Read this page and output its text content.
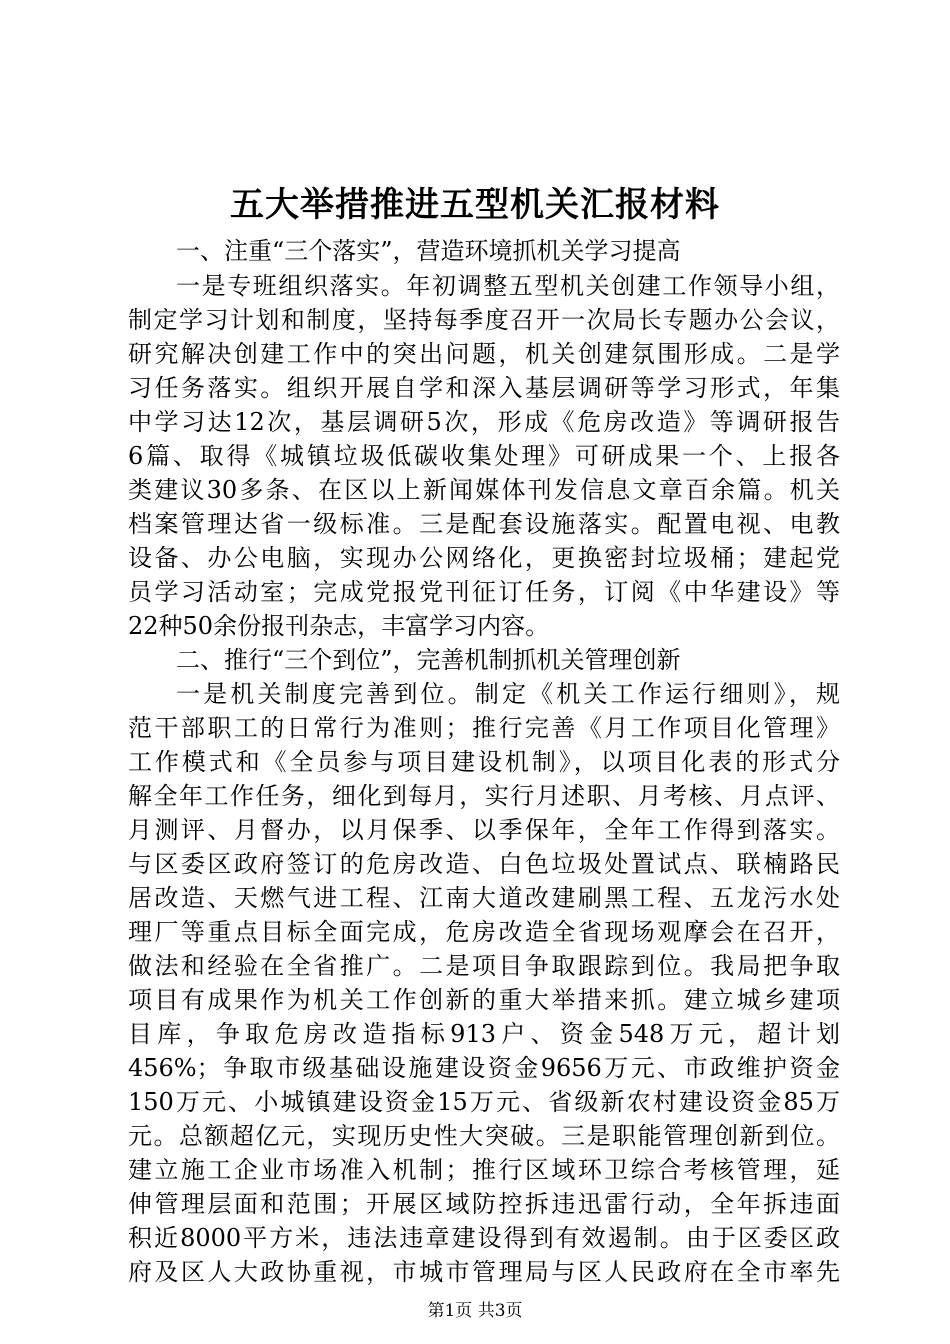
五大举措推进五型机关汇报材料
一、注重“三个落实”，营造环境抓机关学习提高
一是专班组织落实。年初调整五型机关创建工作领导小组，
制定学习计划和制度，坚持每季度召开一次局长专题办公会议，
研究解决创建工作中的突出问题，机关创建氛围形成。二是学
习任务落实。组织开展自学和深入基层调研等学习形式，年集
中学习达12次，基层调研5次，形成《危房改造》等调研报告
6篇、取得《城镇垃圾低碳收集处理》可研成果一个、上报各
类建议30多条、在区以上新闻媒体刊发信息文章百余篇。机关
档案管理达省一级标准。三是配套设施落实。配置电视、电教
设备、办公电脑，实现办公网络化，更换密封垃圾桶；建起党
员学习活动室；完成党报党刊征订任务，订阅《中华建设》等
22种50余份报刊杂志，丰富学习内容。
二、推行“三个到位”，完善机制抓机关管理创新
一是机关制度完善到位。制定《机关工作运行细则》，规
范干部职工的日常行为准则；推行完善《月工作项目化管理》
工作模式和《全员参与项目建设机制》，以项目化表的形式分
解全年工作任务，细化到每月，实行月述职、月考核、月点评、
月测评、月督办，以月保季、以季保年，全年工作得到落实。
与区委区政府签订的危房改造、白色垃圾处置试点、联楠路民
居改造、天燃气进工程、江南大道改建刷黑工程、五龙污水处
理厂等重点目标全面完成，危房改造全省现场观摩会在召开，
做法和经验在全省推广。二是项目争取跟踪到位。我局把争取
项目有成果作为机关工作创新的重大举措来抓。建立城乡建项
目库，争取危房改造指标913户、资金548万元，超计划
456%；争取市级基础设施建设资金9656万元、市政维护资金
150万元、小城镇建设资金15万元、省级新农村建设资金85万
元。总额超亿元，实现历史性大突破。三是职能管理创新到位。
建立施工企业市场准入机制；推行区域环卫综合考核管理，延
伸管理层面和范围；开展区域防控拆违迅雷行动，全年拆违面
积近8000平方米，违法违章建设得到有效遏制。由于区委区政
府及区人大政协重视，市城市管理局与区人民政府在全市率先
第1页 共3页
